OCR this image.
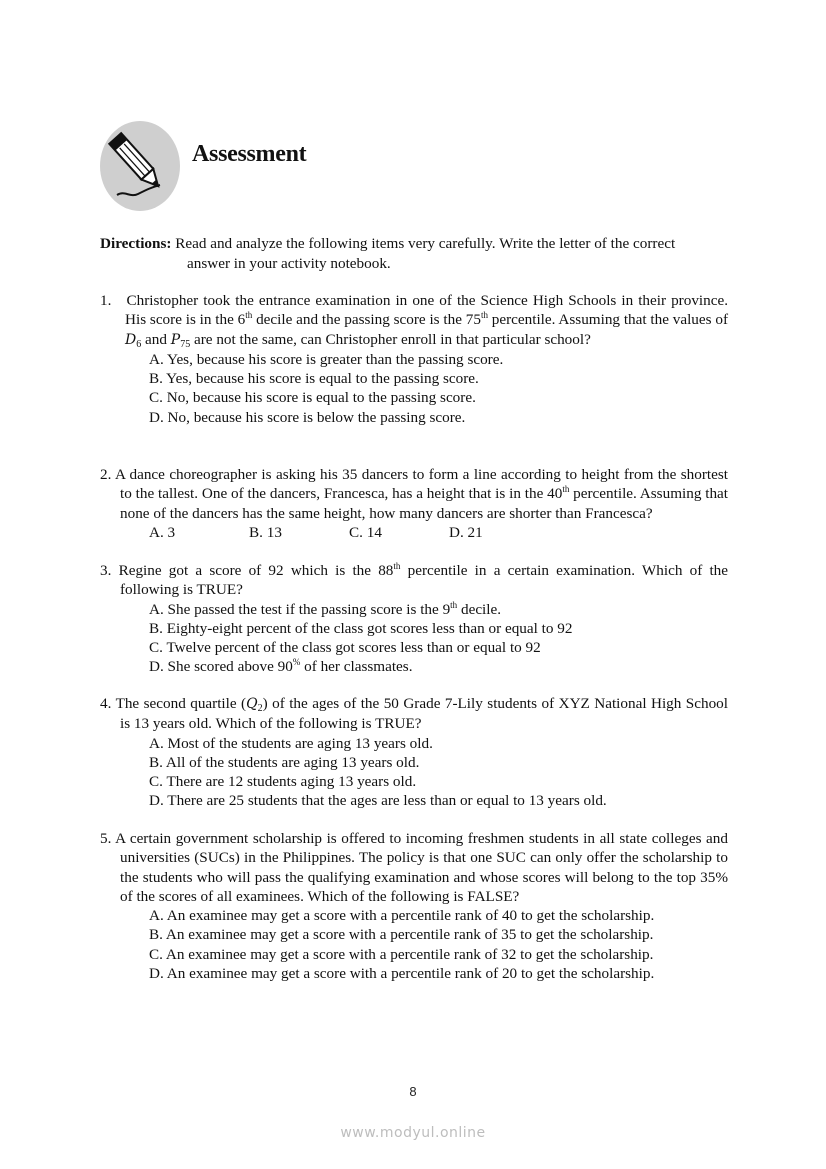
Assessment
Directions: Read and analyze the following items very carefully. Write the letter of the correct
answer in your activity notebook.
1. Christopher took the entrance examination in one of the Science High Schools in their province. His score is in the 6th decile and the passing score is the 75th percentile. Assuming that the values of $D_6$ and $P_{75}$ are not the same, can Christopher enroll in that particular school?
A. Yes, because his score is greater than the passing score.
B. Yes, because his score is equal to the passing score.
C. No, because his score is equal to the passing score.
D. No, because his score is below the passing score.
2. A dance choreographer is asking his 35 dancers to form a line according to height from the shortest to the tallest. One of the dancers, Francesca, has a height that is in the 40th percentile. Assuming that none of the dancers has the same height, how many dancers are shorter than Francesca?
A. 3	B. 13	C. 14	D. 21
3. Regine got a score of 92 which is the 88th percentile in a certain examination. Which of the following is TRUE?
A. She passed the test if the passing score is the 9th decile.
B. Eighty-eight percent of the class got scores less than or equal to 92
C. Twelve percent of the class got scores less than or equal to 92
D. She scored above 90% of her classmates.
4. The second quartile $(Q_2)$ of the ages of the 50 Grade 7-Lily students of XYZ National High School is 13 years old. Which of the following is TRUE?
A. Most of the students are aging 13 years old.
B. All of the students are aging 13 years old.
C. There are 12 students aging 13 years old.
D. There are 25 students that the ages are less than or equal to 13 years old.
5. A certain government scholarship is offered to incoming freshmen students in all state colleges and universities (SUCs) in the Philippines. The policy is that one SUC can only offer the scholarship to the students who will pass the qualifying examination and whose scores will belong to the top 35% of the scores of all examinees. Which of the following is FALSE?
A. An examinee may get a score with a percentile rank of 40 to get the scholarship.
B. An examinee may get a score with a percentile rank of 35 to get the scholarship.
C. An examinee may get a score with a percentile rank of 32 to get the scholarship.
D. An examinee may get a score with a percentile rank of 20 to get the scholarship.
8
www.modyul.online
